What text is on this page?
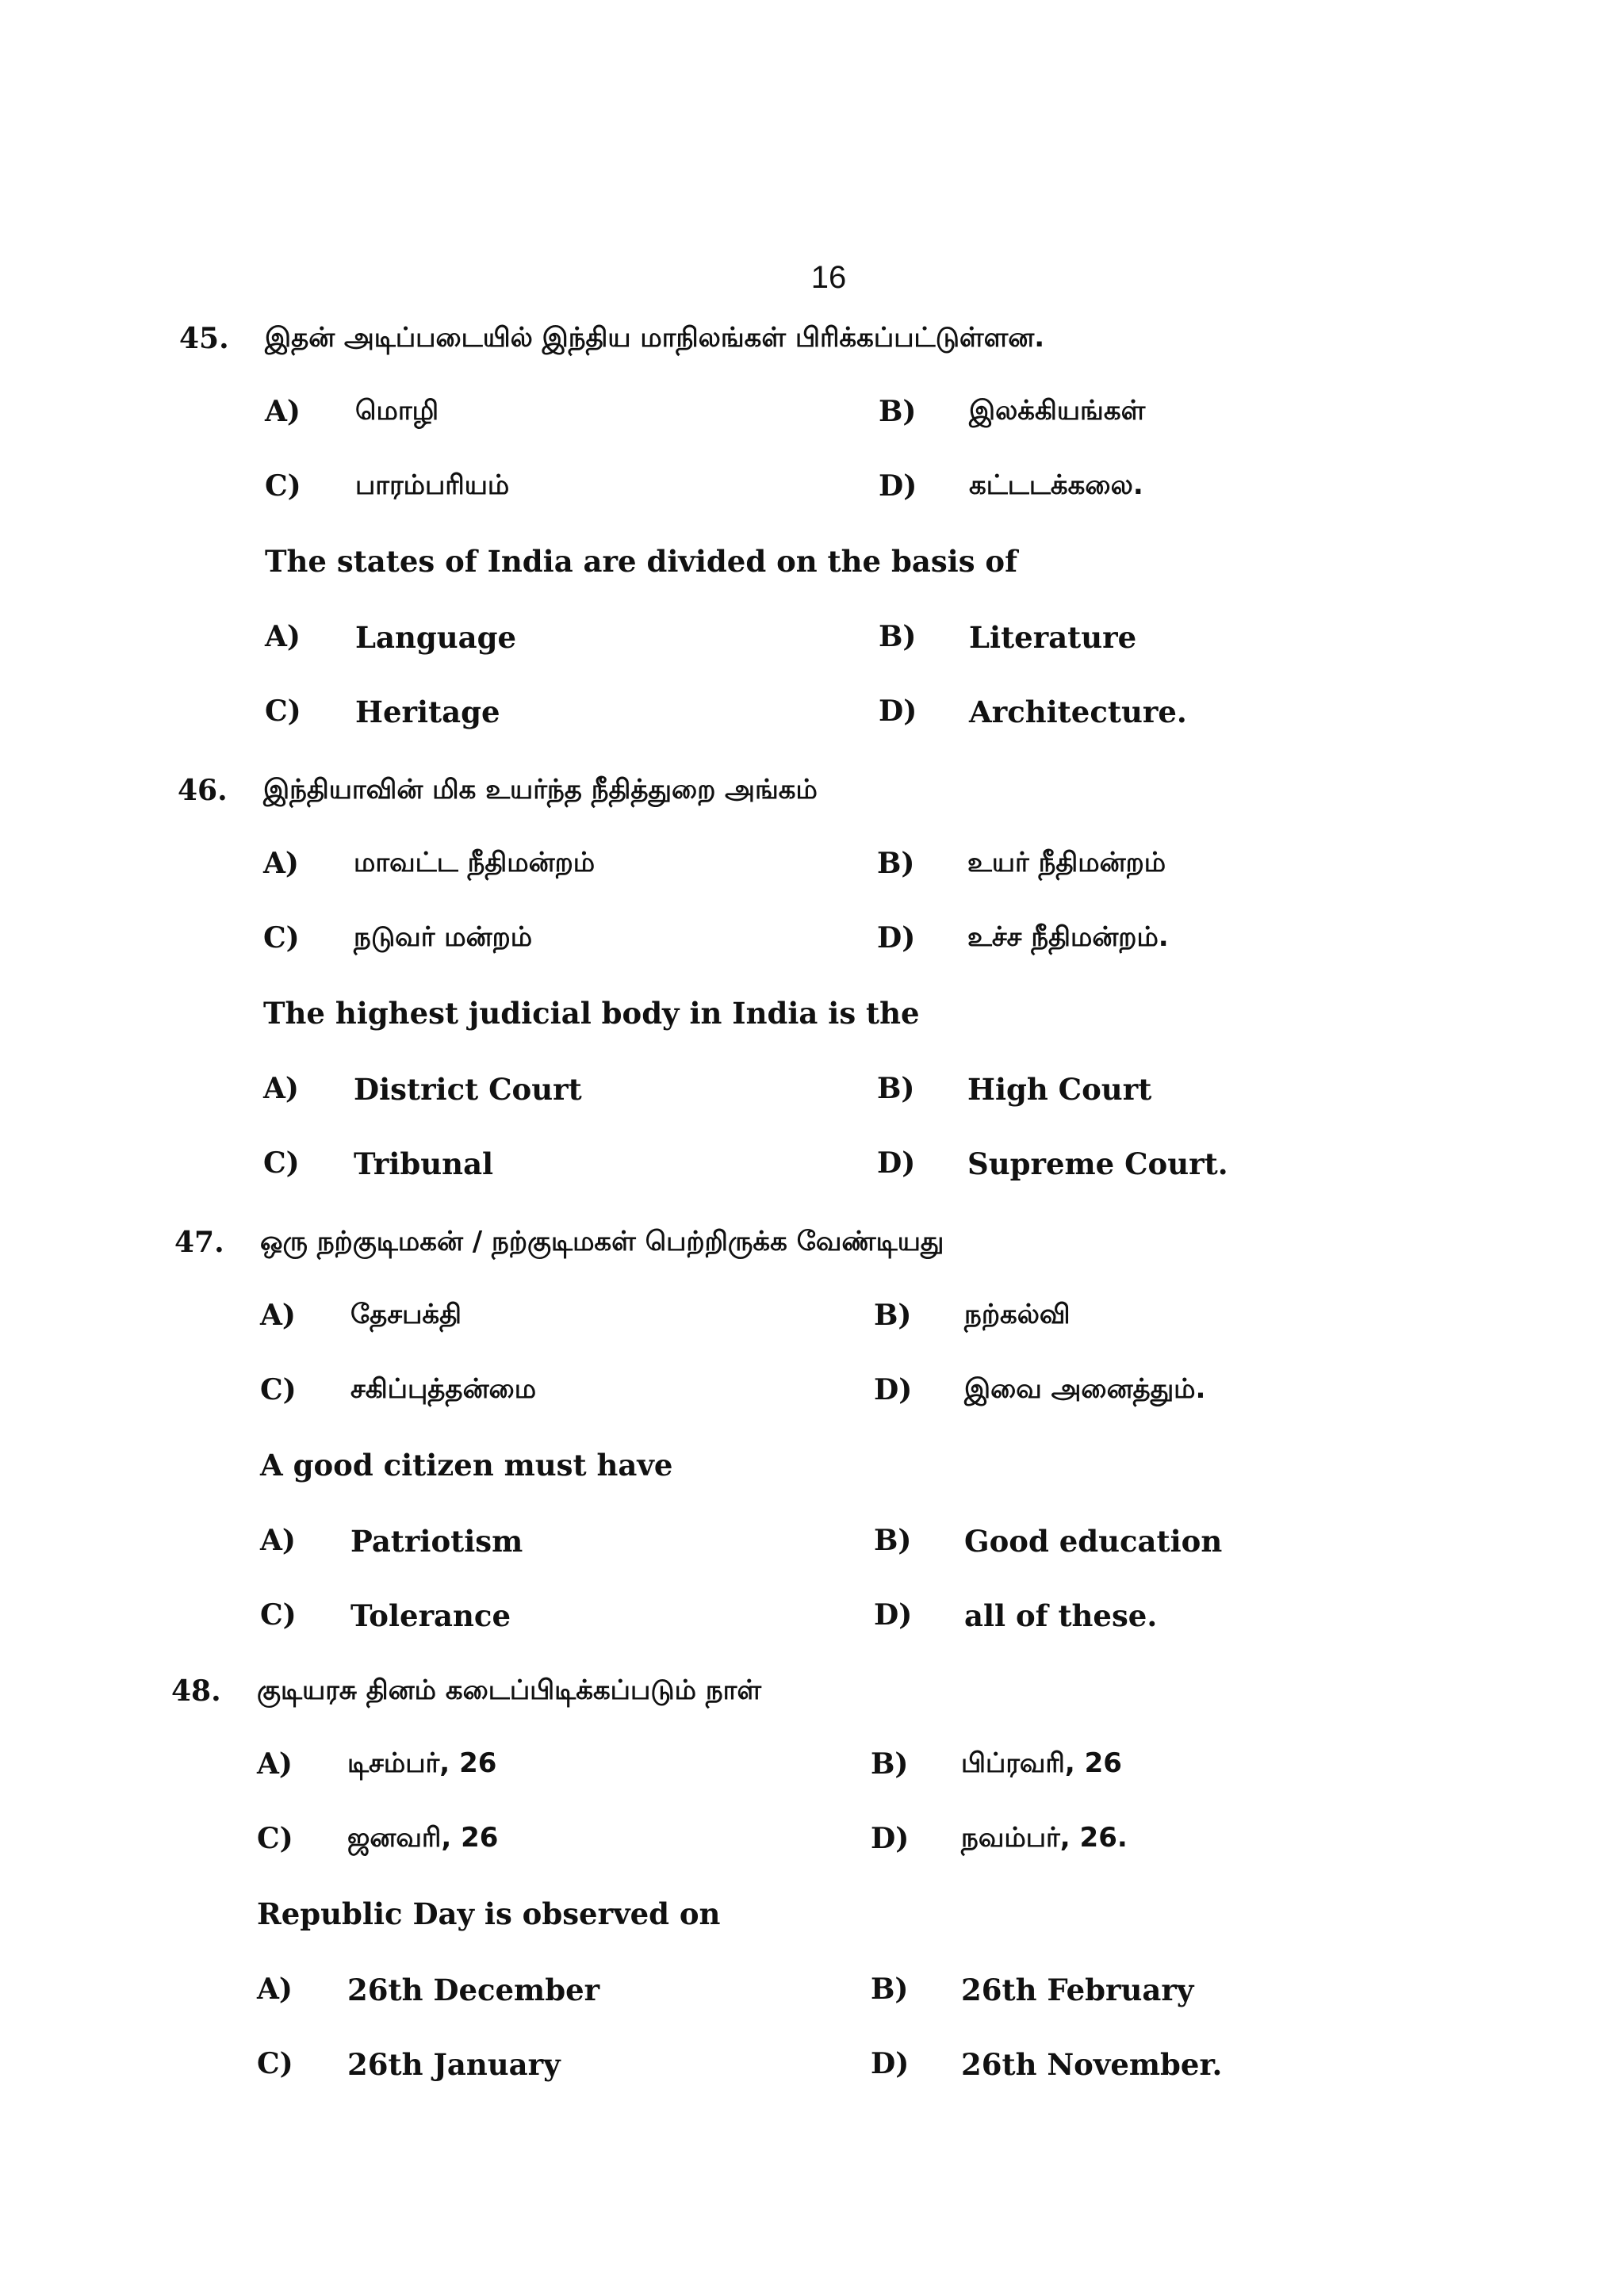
16
45. இதன் அடிப்படையில் இந்திய மாநிலங்கள் பிரிக்கப்பட்டுள்ளன.
A) மொழி	B) இலக்கியங்கள்
C) பாரம்பரியம்	D) கட்டடக்கலை.
The states of India are divided on the basis of
A) Language	B) Literature
C) Heritage	D) Architecture.
46. இந்தியாவின் மிக உயர்ந்த நீதித்துறை அங்கம்
A) மாவட்ட நீதிமன்றம்	B) உயர் நீதிமன்றம்
C) நடுவர் மன்றம்	D) உச்ச நீதிமன்றம்.
The highest judicial body in India is the
A) District Court	B) High Court
C) Tribunal	D) Supreme Court.
47. ஒரு நற்குடிமகன் / நற்குடிமகள் பெற்றிருக்க வேண்டியது
A) தேசபக்தி	B) நற்கல்வி
C) சகிப்புத்தன்மை	D) இவை அனைத்தும்.
A good citizen must have
A) Patriotism	B) Good education
C) Tolerance	D) all of these.
48. குடியரசு தினம் கடைப்பிடிக்கப்படும் நாள்
A) டிசம்பர், 26	B) பிப்ரவரி, 26
C) ஜனவரி, 26	D) நவம்பர், 26.
Republic Day is observed on
A) 26th December	B) 26th February
C) 26th January	D) 26th November.
